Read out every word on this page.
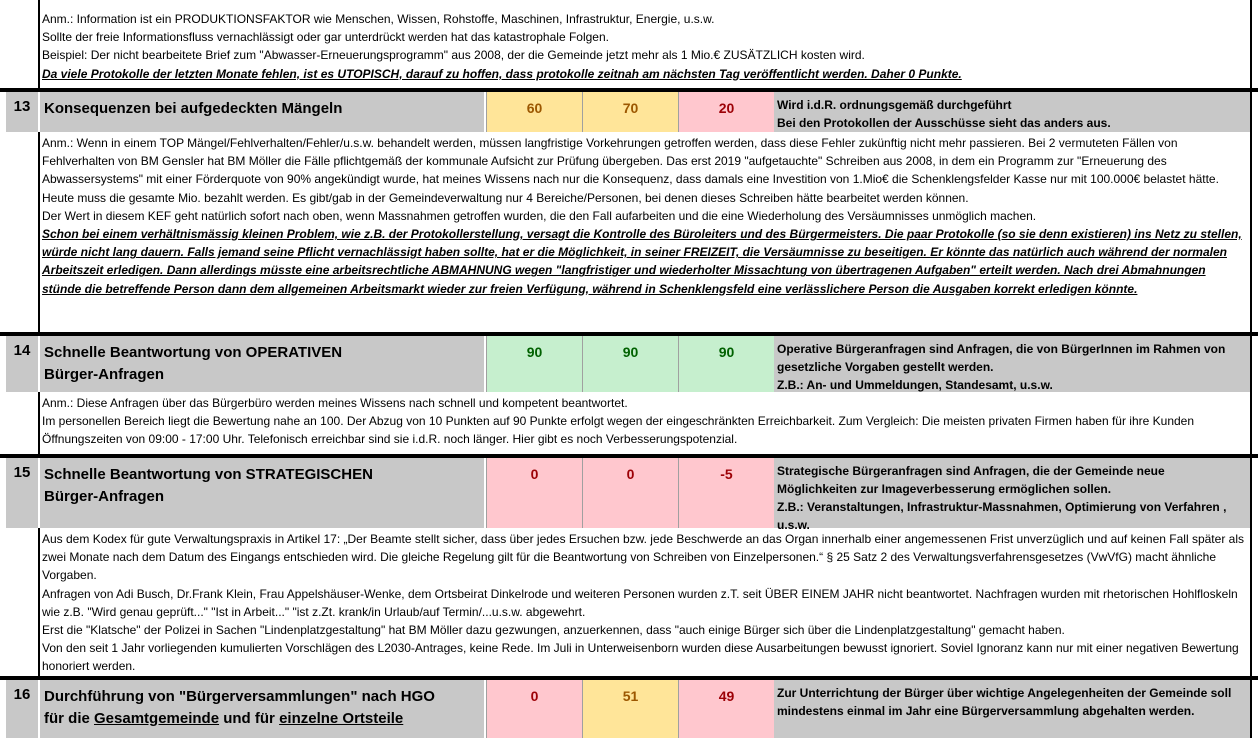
Anm.: Information ist ein PRODUKTIONSFAKTOR wie Menschen, Wissen, Rohstoffe, Maschinen, Infrastruktur, Energie, u.s.w.

Sollte der freie Informationsfluss vernachlässigt oder gar unterdrückt werden hat das katastrophale Folgen.

Beispiel: Der nicht bearbeitete Brief zum "Abwasser-Erneuerungsprogramm" aus 2008, der die Gemeinde jetzt mehr als 1 Mio.€ ZUSÄTZLICH kosten wird.

Da viele Protokolle der letzten Monate fehlen, ist es UTOPISCH, darauf zu hoffen, dass protokolle zeitnah am nächsten Tag veröffentlicht werden. Daher 0 Punkte.

13 Konsequenzen bei aufgedeckten Mängeln	60	70	20	Wird i.d.R. ordnungsgemäß durchgeführt
Bei den Protokollen der Ausschüsse sieht das anders aus.

Anm.: Wenn in einem TOP Mängel/Fehlverhalten/Fehler/u.s.w. behandelt werden, müssen langfristige Vorkehrungen getroffen werden, dass diese Fehler zukünftig nicht mehr passieren. Bei 2 vermuteten Fällen von Fehlverhalten von BM Gensler hat BM Möller die Fälle pflichtgemäß der kommunale Aufsicht zur Prüfung übergeben. Das erst 2019 "aufgetauchte" Schreiben aus 2008, in dem ein Programm zur "Erneuerung des Abwassersystems" mit einer Förderquote von 90% angekündigt wurde, hat meines Wissens nach nur die Konsequenz, dass damals eine Investition von 1.Mio€ die Schenklengsfelder Kasse nur mit 100.000€ belastet hätte. Heute muss die gesamte Mio. bezahlt werden. Es gibt/gab in der Gemeindeverwaltung nur 4 Bereiche/Personen, bei denen dieses Schreiben hätte bearbeitet werden können.

Der Wert in diesem KEF geht natürlich sofort nach oben, wenn Massnahmen getroffen wurden, die den Fall aufarbeiten und die eine Wiederholung des Versäumnisses unmöglich machen.

Schon bei einem verhältnismässig kleinen Problem, wie z.B. der Protokollerstellung, versagt die Kontrolle des Büroleiters und des Bürgermeisters. Die paar Protokolle (so sie denn existieren) ins Netz zu stellen, würde nicht lang dauern. Falls jemand seine Pflicht vernachlässigt haben sollte, hat er die Möglichkeit, in seiner FREIZEIT, die Versäumnisse zu beseitigen. Er könnte das natürlich auch während der normalen Arbeitszeit erledigen. Dann allerdings müsste eine arbeitsrechtliche ABMAHNUNG wegen "langfristiger und wiederholter Missachtung von übertragenen Aufgaben" erteilt werden. Nach drei Abmahnungen stünde die betreffende Person dann dem allgemeinen Arbeitsmarkt wieder zur freien Verfügung, während in Schenklengsfeld eine verlässlichere Person die Ausgaben korrekt erledigen könnte.

14 Schnelle Beantwortung von OPERATIVEN
Bürger-Anfragen
90	90	90	Operative Bürgeranfragen sind Anfragen, die von BürgerInnen im Rahmen von gesetzliche Vorgaben gestellt werden.
Z.B.: An- und Ummeldungen, Standesamt, u.s.w.

Anm.: Diese Anfragen über das Bürgerbüro werden meines Wissens nach schnell und kompetent beantwortet.

Im personellen Bereich liegt die Bewertung nahe an 100. Der Abzug von 10 Punkten auf 90 Punkte erfolgt wegen der eingeschränkten Erreichbarkeit. Zum Vergleich: Die meisten privaten Firmen haben für ihre Kunden Öffnungszeiten von 09:00 - 17:00 Uhr. Telefonisch erreichbar sind sie i.d.R. noch länger. Hier gibt es noch Verbesserungspotenzial.

15 Schnelle Beantwortung von STRATEGISCHEN
Bürger-Anfragen
0	0	-5	Strategische Bürgeranfragen sind Anfragen, die der Gemeinde neue Möglichkeiten zur Imageverbesserung ermöglichen sollen.
Z.B.: Veranstaltungen, Infrastruktur-Massnahmen, Optimierung von Verfahren , u.s.w.

Aus dem Kodex für gute Verwaltungspraxis in Artikel 17: „Der Beamte stellt sicher, dass über jedes Ersuchen bzw. jede Beschwerde an das Organ innerhalb einer angemessenen Frist unverzüglich und auf keinen Fall später als zwei Monate nach dem Datum des Eingangs entschieden wird. Die gleiche Regelung gilt für die Beantwortung von Schreiben von Einzelpersonen.“ § 25 Satz 2 des Verwaltungsverfahrensgesetzes (VwVfG) macht ähnliche Vorgaben.

Anfragen von Adi Busch, Dr.Frank Klein, Frau Appelshäuser-Wenke, dem Ortsbeirat Dinkelrode und weiteren Personen wurden z.T. seit ÜBER EINEM JAHR nicht beantwortet. Nachfragen wurden mit rhetorischen Hohlfloskeln wie z.B. "Wird genau geprüft..." "Ist in Arbeit..." "ist z.Zt. krank/in Urlaub/auf Termin/...u.s.w. abgewehrt.

Erst die "Klatsche" der Polizei in Sachen "Lindenplatzgestaltung" hat BM Möller dazu gezwungen, anzuerkennen, dass "auch einige Bürger sich über die Lindenplatzgestaltung" gemacht haben.

Von den seit 1 Jahr vorliegenden kumulierten Vorschlägen des L2030-Antrages, keine Rede. Im Juli in Unterweisenborn wurden diese Ausarbeitungen bewusst ignoriert. Soviel Ignoranz kann nur mit einer negativen Bewertung honoriert werden.

16 Durchführung von "Bürgerversammlungen" nach HGO
für die Gesamtgemeinde und für einzelne Ortsteile
0	51	49	Zur Unterrichtung der Bürger über wichtige Angelegenheiten der Gemeinde soll mindestens einmal im Jahr eine Bürgerversammlung abgehalten werden.
